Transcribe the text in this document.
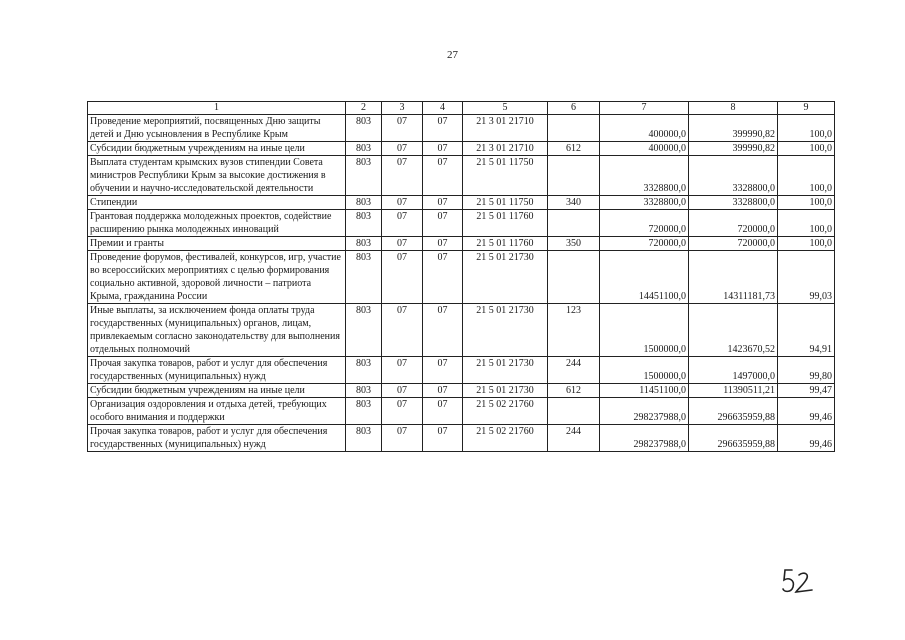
27
1	2	3	4	5	6	7	8	9
Проведение мероприятий, посвященных Дню защиты детей и Дню усыновления в Республике Крым	803	07	07	21 3 01 21710		400000,0	399990,82	100,0
Субсидии бюджетным учреждениям на иные цели	803	07	07	21 3 01 21710	612	400000,0	399990,82	100,0
Выплата студентам крымских вузов стипендии Совета министров Республики Крым за высокие достижения в обучении и научно-исследовательской деятельности	803	07	07	21 5 01 11750		3328800,0	3328800,0	100,0
Стипендии	803	07	07	21 5 01 11750	340	3328800,0	3328800,0	100,0
Грантовая поддержка молодежных проектов, содействие расширению рынка молодежных инноваций	803	07	07	21 5 01 11760		720000,0	720000,0	100,0
Премии и гранты	803	07	07	21 5 01 11760	350	720000,0	720000,0	100,0
Проведение форумов, фестивалей, конкурсов, игр, участие во всероссийских мероприятиях с целью формирования социально активной, здоровой личности – патриота Крыма, гражданина России	803	07	07	21 5 01 21730		14451100,0	14311181,73	99,03
Иные выплаты, за исключением фонда оплаты труда государственных (муниципальных) органов, лицам, привлекаемым согласно законодательству для выполнения отдельных полномочий	803	07	07	21 5 01 21730	123	1500000,0	1423670,52	94,91
Прочая закупка товаров, работ и услуг для обеспечения государственных (муниципальных) нужд	803	07	07	21 5 01 21730	244	1500000,0	1497000,0	99,80
Субсидии бюджетным учреждениям на иные цели	803	07	07	21 5 01 21730	612	11451100,0	11390511,21	99,47
Организация оздоровления и отдыха детей, требующих особого внимания и поддержки	803	07	07	21 5 02 21760		298237988,0	296635959,88	99,46
Прочая закупка товаров, работ и услуг для обеспечения государственных (муниципальных) нужд	803	07	07	21 5 02 21760	244	298237988,0	296635959,88	99,46
